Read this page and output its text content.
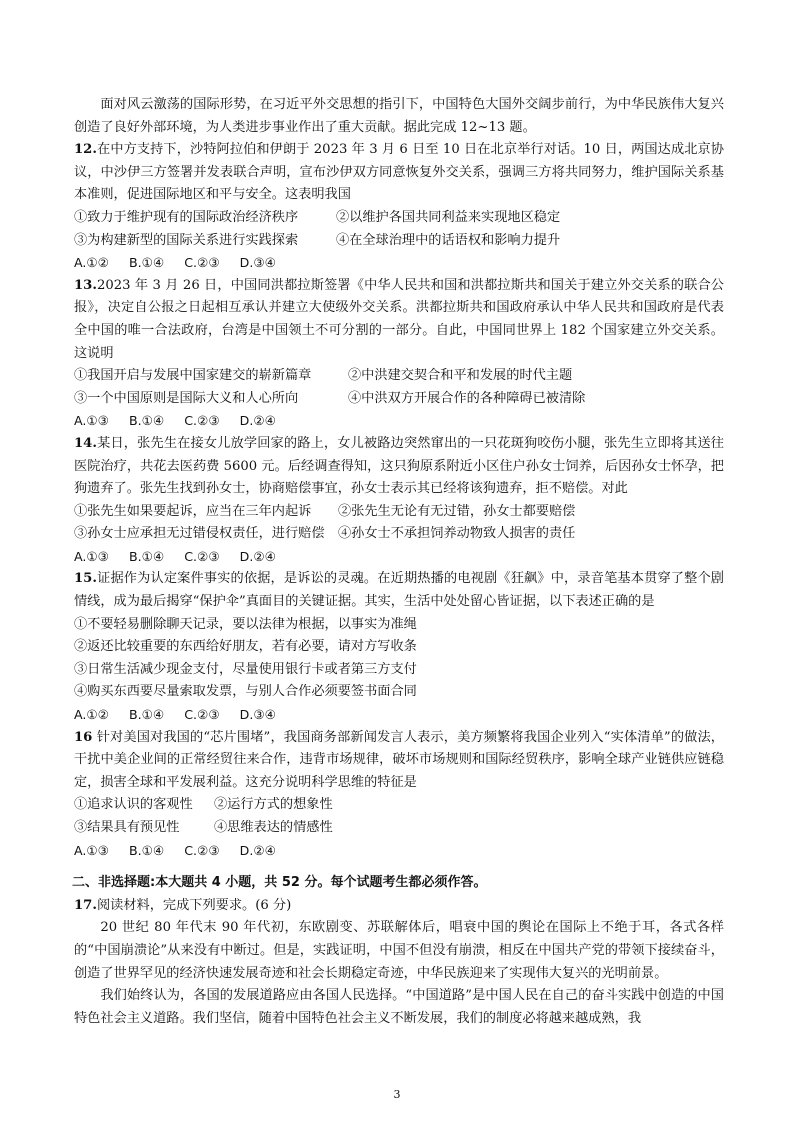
面对风云激荡的国际形势，在习近平外交思想的指引下，中国特色大国外交阔步前行，为中华民族伟大复兴创造了良好外部环境，为人类进步事业作出了重大贡献。据此完成 12~13 题。

12.在中方支持下，沙特阿拉伯和伊朗于 2023 年 3 月 6 日至 10 日在北京举行对话。10 日，两国达成北京协议，中沙伊三方签署并发表联合声明，宣布沙伊双方同意恢复外交关系，强调三方将共同努力，维护国际关系基本准则，促进国际地区和平与安全。这表明我国

①致力于维护现有的国际政治经济秩序	②以维护各国共同利益来实现地区稳定
③为构建新型的国际关系进行实践探索	④在全球治理中的话语权和影响力提升

A.①② B.①④ C.②③ D.③④

13.2023 年 3 月 26 日，中国同洪都拉斯签署《中华人民共和国和洪都拉斯共和国关于建立外交关系的联合公报》，决定自公报之日起相互承认并建立大使级外交关系。洪都拉斯共和国政府承认中华人民共和国政府是代表全中国的唯一合法政府，台湾是中国领土不可分割的一部分。自此，中国同世界上 182 个国家建立外交关系。这说明

①我国开启与发展中国家建交的崭新篇章	②中洪建交契合和平和发展的时代主题
③一个中国原则是国际大义和人心所向	④中洪双方开展合作的各种障碍已被清除

A.①③ B.①④ C.②③ D.②④

14.某日，张先生在接女儿放学回家的路上，女儿被路边突然窜出的一只花斑狗咬伤小腿，张先生立即将其送往医院治疗，共花去医药费 5600 元。后经调查得知，这只狗原系附近小区住户孙女士饲养，后因孙女士怀孕，把狗遗弃了。张先生找到孙女士，协商赔偿事宜，孙女士表示其已经将该狗遗弃，拒不赔偿。对此

①张先生如果要起诉，应当在三年内起诉	②张先生无论有无过错，孙女士都要赔偿
③孙女士应承担无过错侵权责任，进行赔偿	④孙女士不承担饲养动物致人损害的责任

A.①③ B.①④ C.②③ D.②④

15.证据作为认定案件事实的依据，是诉讼的灵魂。在近期热播的电视剧《狂飙》中，录音笔基本贯穿了整个剧情线，成为最后揭穿“保护伞”真面目的关键证据。其实，生活中处处留心皆证据，以下表述正确的是

①不要轻易删除聊天记录，要以法律为根据，以事实为准绳

②返还比较重要的东西给好朋友，若有必要，请对方写收条

③日常生活减少现金支付，尽量使用银行卡或者第三方支付

④购买东西要尽量索取发票，与别人合作必须要签书面合同

A.①② B.①④ C.②③ D.③④

16 针对美国对我国的“芯片围堵”，我国商务部新闻发言人表示，美方频繁将我国企业列入“实体清单”的做法，干扰中美企业间的正常经贸往来合作，违背市场规律，破坏市场规则和国际经贸秩序，影响全球产业链供应链稳定，损害全球和平发展利益。这充分说明科学思维的特征是

①追求认识的客观性	②运行方式的想象性
③结果具有预见性	④思维表达的情感性

A.①③ B.①④ C.②③ D.②④

二、非选择题:本大题共 4 小题，共 52 分。每个试题考生都必须作答。

17.阅读材料，完成下列要求。(6 分)

20 世纪 80 年代末 90 年代初，东欧剧变、苏联解体后，唱衰中国的舆论在国际上不绝于耳，各式各样的“中国崩溃论”从来没有中断过。但是，实践证明，中国不但没有崩溃，相反在中国共产党的带领下接续奋斗，创造了世界罕见的经济快速发展奇迹和社会长期稳定奇迹，中华民族迎来了实现伟大复兴的光明前景。

我们始终认为，各国的发展道路应由各国人民选择。“中国道路”是中国人民在自己的奋斗实践中创造的中国特色社会主义道路。我们坚信，随着中国特色社会主义不断发展，我们的制度必将越来越成熟，我

3
